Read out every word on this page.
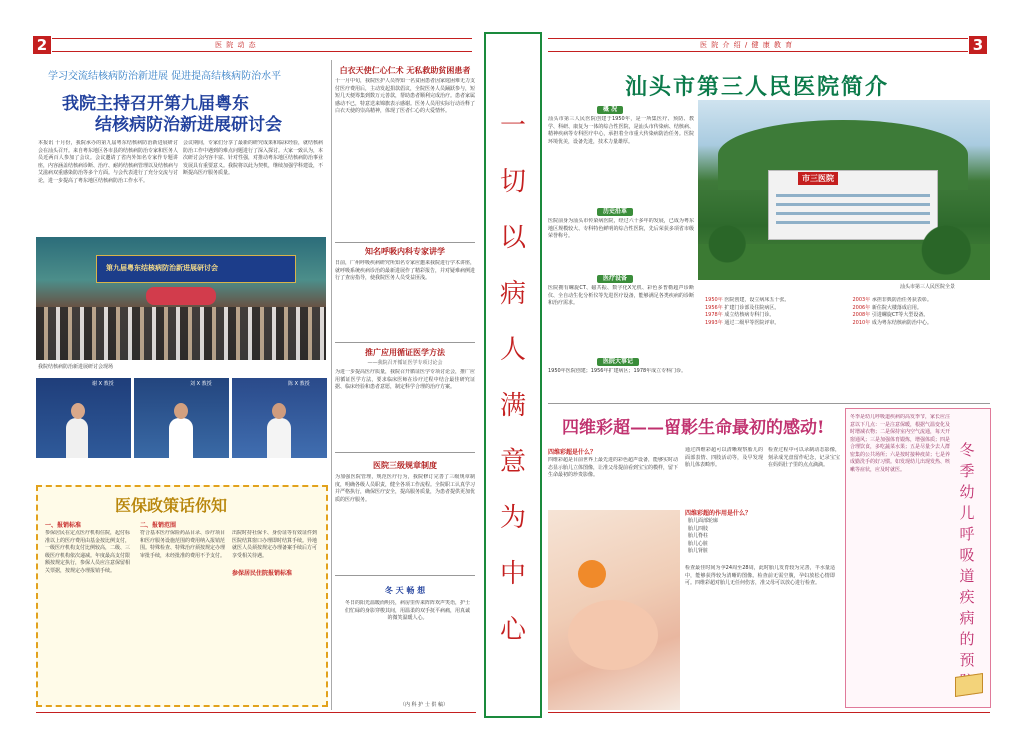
2	医 院 动 态
学习交流结核病防治新进展 促进提高结核病防治水平
我院主持召开第九届粤东
结核病防治新进展研讨会
本报讯 十月份，我院承办的第九届粤东结核病防治新进展研讨会在汕头召开。来自粤东地区各市县的结核病防治专家和医务人员近两百人参加了会议。会议邀请了省内外知名专家作专题讲座，内容涵盖结核病诊断、治疗、耐药结核病管理以及结核病与艾滋病双重感染防治等多个方面。与会代表进行了充分交流与讨论，进一步提高了粤东地区结核病防治工作水平。
会议期间，专家们分享了最新的研究成果和临床经验，就结核病防治工作中遇到的难点问题进行了深入探讨。大家一致认为，本次研讨会内容丰富、针对性强，对推动粤东地区结核病防治事业发展具有重要意义。我院将以此为契机，继续加强学科建设，不断提高医疗服务质量。
第九届粤东结核病防治新进展研讨会
我院结核病防治新进展研讨会现场
谢 X 教授	刘 X 教授	陈 X 教授
医保政策话你知
一、报销标准
参保居民在定点医疗机构住院，起付标准以上的医疗费用由基金按比例支付，一级医疗机构支付比例较高，二级、三级医疗机构依次递减。年度最高支付限额按规定执行，参保人员应注意保留相关票据，按规定办理报销手续。
二、报销范围
符合基本医疗保险药品目录、诊疗项目和医疗服务设施范围的费用纳入报销范围。特殊检查、特殊治疗须按规定办理审批手续，未经批准的费用不予支付。
参保居民住院报销标准
出院时持社保卡、身份证等有效证件到医院结算窗口办理即时结算手续。异地就医人员须按规定办理备案手续后方可享受相关待遇。
白衣天使仁心仁术 无私救助贫困患者
十一月中旬，我院医护人员得知一名贫困患者因家庭困难无力支付医疗费用后，主动发起捐款倡议，全院医务人员踊跃参与，短短几天便筹集到数万元善款，帮助患者顺利完成治疗。患者家属感动不已，特意送来锦旗表示感谢。医务人员用实际行动诠释了白衣天使的崇高精神，体现了医者仁心的大爱情怀。
知名呼吸内科专家讲学
日前，广州呼吸疾病研究所知名专家应邀来我院进行学术讲座，就呼吸系统疾病诊治的最新进展作了精彩报告，并对疑难病例进行了查房指导，使我院医务人员受益匪浅。
推广应用循证医学方法
——我院召开循证医学专项讨论会
为进一步提高医疗质量，我院召开循证医学专项讨论会，推广应用循证医学方法，要求临床医师在诊疗过程中结合最佳研究证据、临床经验和患者意愿，制定科学合理的治疗方案。
医院三级规章制度
为加强医院管理，规范医疗行为，我院修订完善了三级规章制度，明确各级人员职责，健全各项工作流程。全院职工认真学习并严格执行，确保医疗安全，提高服务质量，为患者提供更加优质的医疗服务。
冬 天 畅 想
冬日的阳光温暖而明亮，病房里传来阵阵欢声笑语，护士们忙碌的身影穿梭其间，用温柔的双手抚平病痛，用真诚的微笑温暖人心。
（内 科 护 士 供 稿）
一切以病人满意为中心
医 院 介 绍 / 健 康 教 育	3
汕头市第三人民医院简介
概 况
汕头市第三人民医院创建于1950年，是一所集医疗、预防、教学、科研、康复为一体的综合性医院，是汕头市传染病、结核病、精神疾病等专科医疗中心，承担着全市重大传染病防治任务。医院环境优美，设备先进，技术力量雄厚。
历史沿革
医院前身为汕头市传染病医院，经过六十多年的发展，已成为粤东地区规模较大、专科特色鲜明的综合性医院，先后荣获多项省市级荣誉称号。
医疗设备
医院拥有螺旋CT、磁共振、数字化X光机、彩色多普勒超声诊断仪、全自动生化分析仪等先进医疗设备，能够满足各类疾病的诊断和治疗需求。
医院大事记
1950年医院创建；1956年扩建病区；1978年成立专科门诊。
市三医院
汕头市第三人民医院全景
1950年 医院创建，设立病床五十张。
1956年 扩建门诊部及住院病区。
1978年 成立结核病专科门诊。
1993年 通过二级甲等医院评审。
2003年 承担非典防治任务获表彰。
2006年 新住院大楼落成启用。
2008年 引进螺旋CT等大型设备。
2010年 成为粤东结核病防治中心。
四维彩超——留影生命最初的感动!
四维彩超是什么？
四维彩超是目前世界上最先进的彩色超声设备，能够实时动态显示胎儿立体图像，让准父母提前看到宝宝的模样，留下生命最初的珍贵影像。
通过四维彩超可以清晰观察胎儿的面部表情、四肢活动等，及早发现胎儿体表畸形。
四维彩超的作用是什么？
胎儿面部轮廓
胎儿四肢
胎儿脊柱
胎儿心脏
胎儿肾脏
检查最佳时间为孕24周至28周，此时胎儿发育较为完善，羊水量适中，能够获得较为清晰的图像。检查前无需空腹，孕妇放松心情即可。四维彩超对胎儿无任何伤害，准父母可以放心进行检查。
检查过程中可以录制动态影像，刻录成光盘留作纪念，记录宝宝在妈妈肚子里的点点滴滴。
冬季是幼儿呼吸道疾病的高发季节，家长应注意以下几点：一是注意保暖，根据气温变化及时增减衣物；二是保持室内空气流通，每天开窗通风；三是加强体育锻炼，增强体质；四是合理饮食，多吃蔬菜水果；五是尽量少去人群密集的公共场所；六是按时接种疫苗；七是养成勤洗手的好习惯。如发现幼儿出现发热、咳嗽等症状，应及时就医。
冬季幼儿呼吸道疾病的预
